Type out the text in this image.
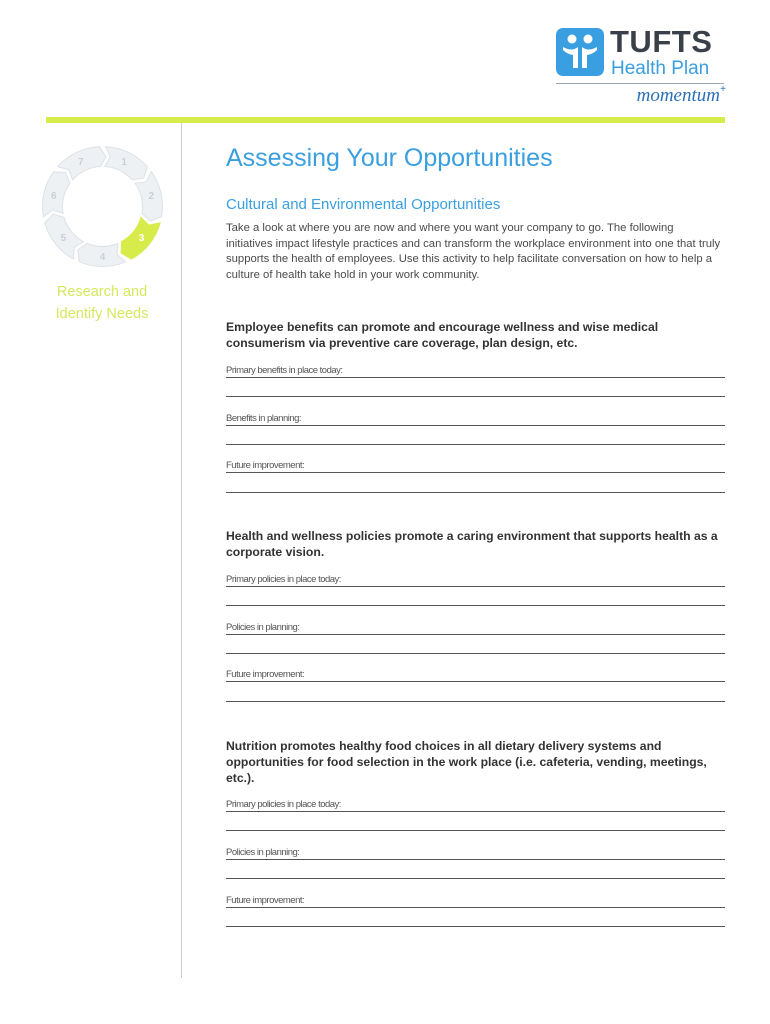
TUFTS
Health Plan
momentum +
1
2
3
4
5
6
7
Research and Identify Needs
Assessing Your Opportunities
Cultural and Environmental Opportunities

Take a look at where you are now and where you want your company to go. The following initiatives impact lifestyle practices and can transform the workplace environment into one that truly supports the health of employees. Use this activity to help facilitate conversation on how to help a culture of health take hold in your work community.

Employee benefits can promote and encourage wellness and wise medical consumerism via preventive care coverage, plan design, etc.

Primary benefits in place today:
Benefits in planning:
Future improvement:

Health and wellness policies promote a caring environment that supports health as a corporate vision.

Primary policies in place today:
Policies in planning:
Future improvement:

Nutrition promotes healthy food choices in all dietary delivery systems and opportunities for food selection in the work place (i.e. cafeteria, vending, meetings, etc.).

Primary policies in place today:
Policies in planning:
Future improvement:
